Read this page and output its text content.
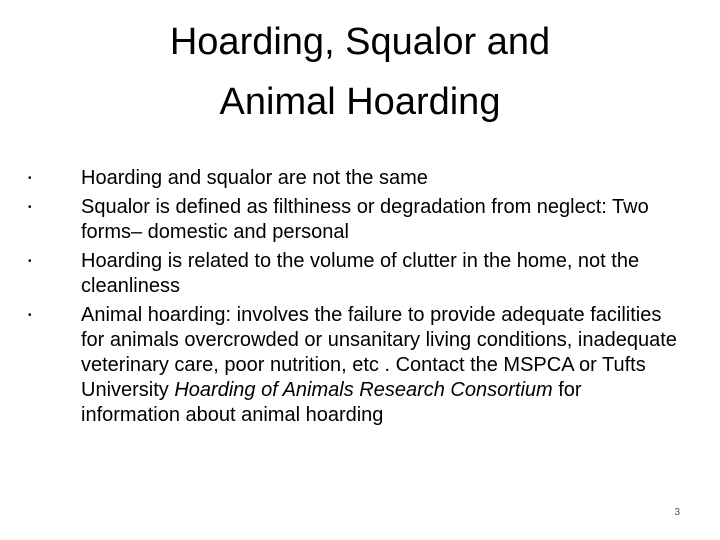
Hoarding, Squalor and
Animal Hoarding
• Hoarding and squalor are not the same
• Squalor is defined as filthiness or degradation from neglect: Two forms– domestic and personal
• Hoarding is related to the volume of clutter in the home, not the cleanliness
• Animal hoarding: involves the failure to provide adequate facilities for animals overcrowded or unsanitary living conditions, inadequate veterinary care, poor nutrition, etc . Contact the MSPCA or Tufts University Hoarding of Animals Research Consortium for information about animal hoarding
3
